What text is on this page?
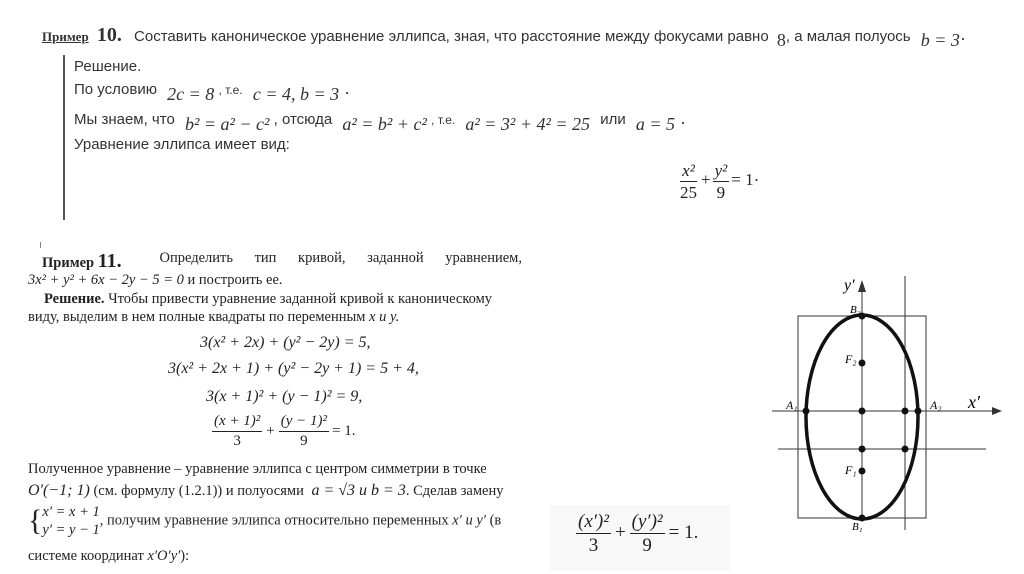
Пример 10. Составить каноническое уравнение эллипса, зная, что расстояние между фокусами равно 8, а малая полуось b = 3·
Решение.
По условию 2c = 8 , т.е. c = 4, b = 3 ·
Мы знаем, что b² = a² − c² , отсюда a² = b² + c² , т.е. a² = 3² + 4² = 25 или a = 5 ·
Уравнение эллипса имеет вид:
$\frac{\text{x²}}{25} + \frac{\text{y²}}{9} = 1\cdot$
Пример 11.	Определить тип кривой, заданной уравнением,
3x² + y² + 6x − 2y − 5 = 0 и построить ее.
Решение. Чтобы привести уравнение заданной кривой к каноническому
виду, выделим в нем полные квадраты по переменным x и y.
3(x² + 2x) + (y² − 2y) = 5,
3(x² + 2x + 1) + (y² − 2y + 1) = 5 + 4,
3(x + 1)² + (y − 1)² = 9,
$\frac{\text{(x + 1)²}}{3} + \frac{\text{(y − 1)²}}{9} = 1$.
Полученное уравнение – уравнение эллипса с центром симметрии в точке
O′(−1; 1) (см. формулу (1.2.1)) и полуосями a = √3 и b = 3. Сделав замену
{ x′ = x + 1
y′ = y − 1
, получим уравнение эллипса относительно переменных x′ и y′ (в
системе координат x′O′y′):
$\frac{\text{(x′)²}}{3} + \frac{\text{(y′)²}}{9} = 1$.
y′
x′
A₁	A₂
B₂
B₁
F₂
F₁
